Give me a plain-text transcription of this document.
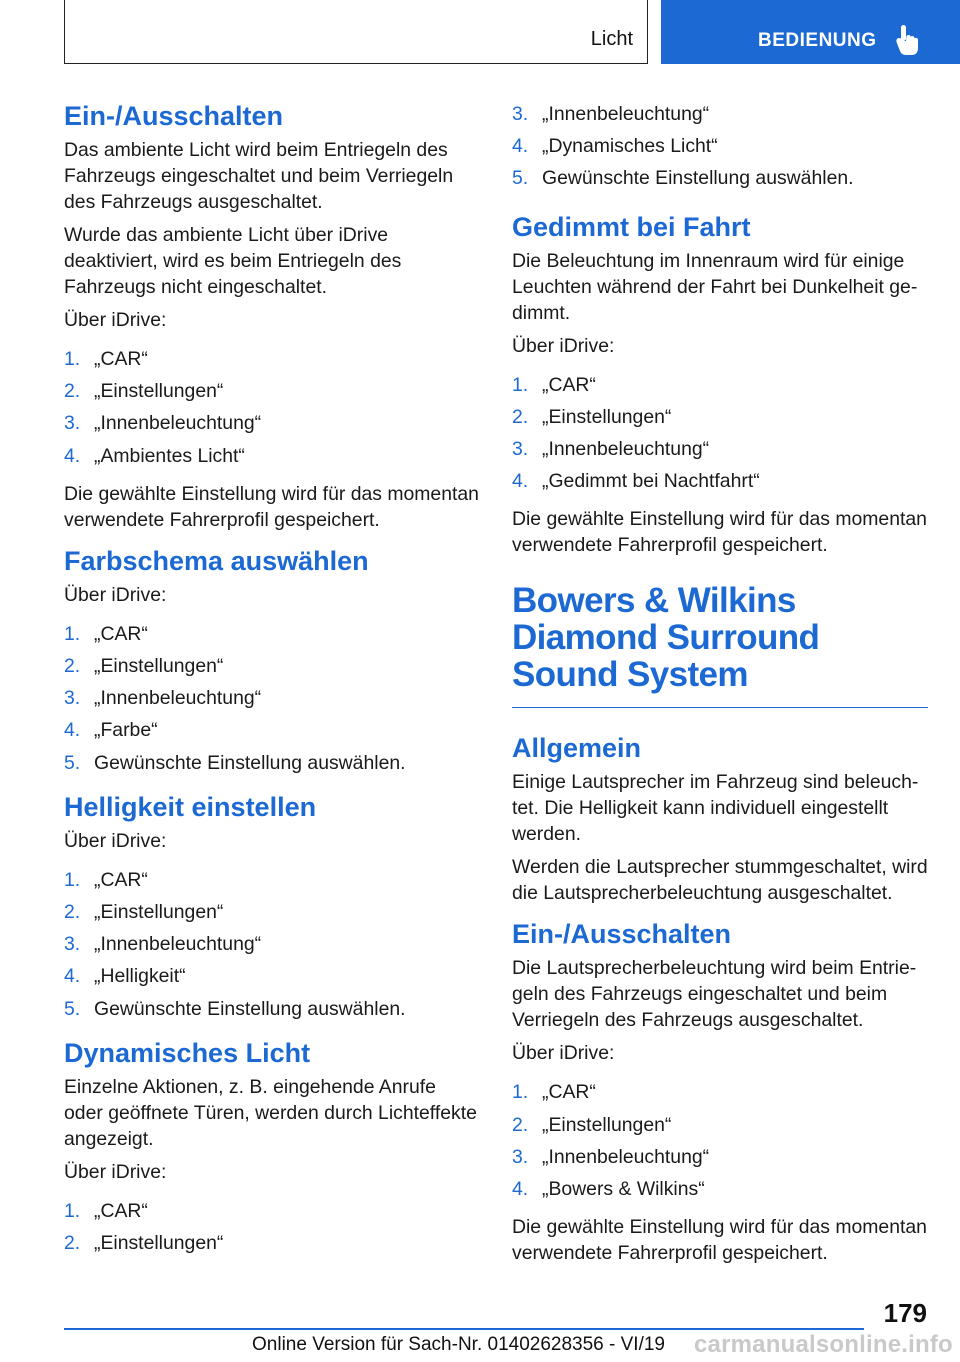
Licht	BEDIENUNG
Ein-/Ausschalten

Das ambiente Licht wird beim Entriegeln des Fahrzeugs eingeschaltet und beim Verriegeln des Fahrzeugs ausgeschaltet.

Wurde das ambiente Licht über iDrive deaktiviert, wird es beim Entriegeln des Fahrzeugs nicht eingeschaltet.

Über iDrive:

1. „CAR“
2. „Einstellungen“
3. „Innenbeleuchtung“
4. „Ambientes Licht“

Die gewählte Einstellung wird für das momentan verwendete Fahrerprofil gespeichert.

Farbschema auswählen

Über iDrive:

1. „CAR“
2. „Einstellungen“
3. „Innenbeleuchtung“
4. „Farbe“
5. Gewünschte Einstellung auswählen.
Helligkeit einstellen

Über iDrive:

1. „CAR“
2. „Einstellungen“
3. „Innenbeleuchtung“
4. „Helligkeit“
5. Gewünschte Einstellung auswählen.
Dynamisches Licht

Einzelne Aktionen, z. B. eingehende Anrufe oder geöffnete Türen, werden durch Lichteffekte angezeigt.

Über iDrive:

1. „CAR“
2. „Einstellungen“
3. „Innenbeleuchtung“
4. „Dynamisches Licht“
5. Gewünschte Einstellung auswählen.
Gedimmt bei Fahrt

Die Beleuchtung im Innenraum wird für einige Leuchten während der Fahrt bei Dunkelheit gedimmt.

Über iDrive:

1. „CAR“
2. „Einstellungen“
3. „Innenbeleuchtung“
4. „Gedimmt bei Nachtfahrt“

Die gewählte Einstellung wird für das momentan verwendete Fahrerprofil gespeichert.

Bowers & Wilkins Diamond Surround Sound System
Allgemein

Einige Lautsprecher im Fahrzeug sind beleuchtet. Die Helligkeit kann individuell eingestellt werden.

Werden die Lautsprecher stummgeschaltet, wird die Lautsprecherbeleuchtung ausgeschaltet.

Ein-/Ausschalten

Die Lautsprecherbeleuchtung wird beim Entriegeln des Fahrzeugs eingeschaltet und beim Verriegeln des Fahrzeugs ausgeschaltet.

Über iDrive:

1. „CAR“
2. „Einstellungen“
3. „Innenbeleuchtung“
4. „Bowers & Wilkins“

Die gewählte Einstellung wird für das momentan verwendete Fahrerprofil gespeichert.

179
Online Version für Sach-Nr. 01402628356 - VI/19 carmanualsonline.info
